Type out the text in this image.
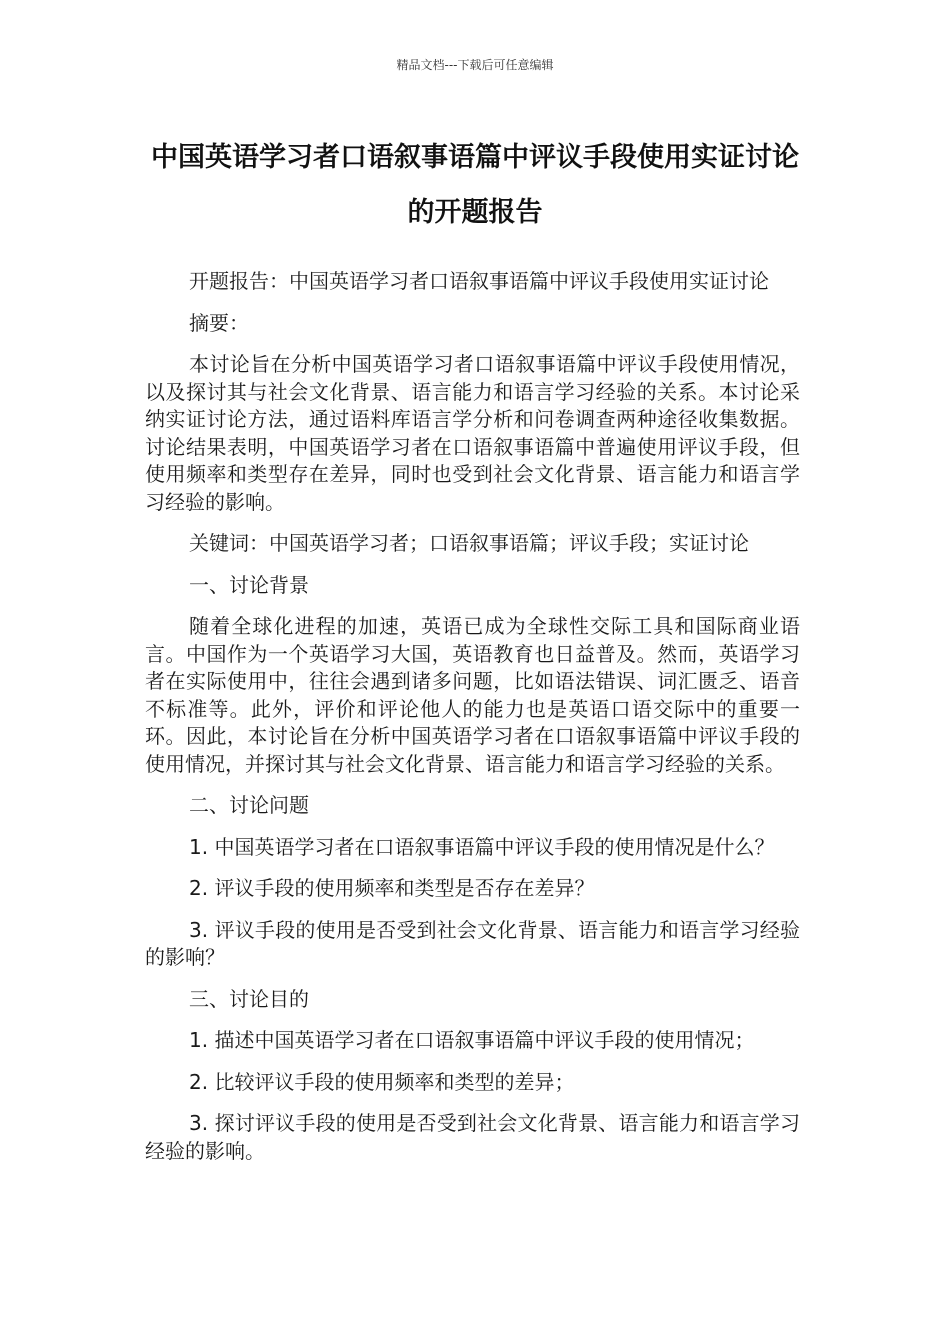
精品文档---下载后可任意编辑
中国英语学习者口语叙事语篇中评议手段使用实证讨论的开题报告

开题报告：中国英语学习者口语叙事语篇中评议手段使用实证讨论

摘要：

本讨论旨在分析中国英语学习者口语叙事语篇中评议手段使用情况，以及探讨其与社会文化背景、语言能力和语言学习经验的关系。本讨论采纳实证讨论方法，通过语料库语言学分析和问卷调查两种途径收集数据。讨论结果表明，中国英语学习者在口语叙事语篇中普遍使用评议手段，但使用频率和类型存在差异，同时也受到社会文化背景、语言能力和语言学习经验的影响。

关键词：中国英语学习者；口语叙事语篇；评议手段；实证讨论

一、讨论背景

随着全球化进程的加速，英语已成为全球性交际工具和国际商业语言。中国作为一个英语学习大国，英语教育也日益普及。然而，英语学习者在实际使用中，往往会遇到诸多问题，比如语法错误、词汇匮乏、语音不标准等。此外，评价和评论他人的能力也是英语口语交际中的重要一环。因此，本讨论旨在分析中国英语学习者在口语叙事语篇中评议手段的使用情况，并探讨其与社会文化背景、语言能力和语言学习经验的关系。

二、讨论问题

1. 中国英语学习者在口语叙事语篇中评议手段的使用情况是什么？

2. 评议手段的使用频率和类型是否存在差异？

3. 评议手段的使用是否受到社会文化背景、语言能力和语言学习经验的影响？

三、讨论目的

1. 描述中国英语学习者在口语叙事语篇中评议手段的使用情况；

2. 比较评议手段的使用频率和类型的差异；

3. 探讨评议手段的使用是否受到社会文化背景、语言能力和语言学习经验的影响。
